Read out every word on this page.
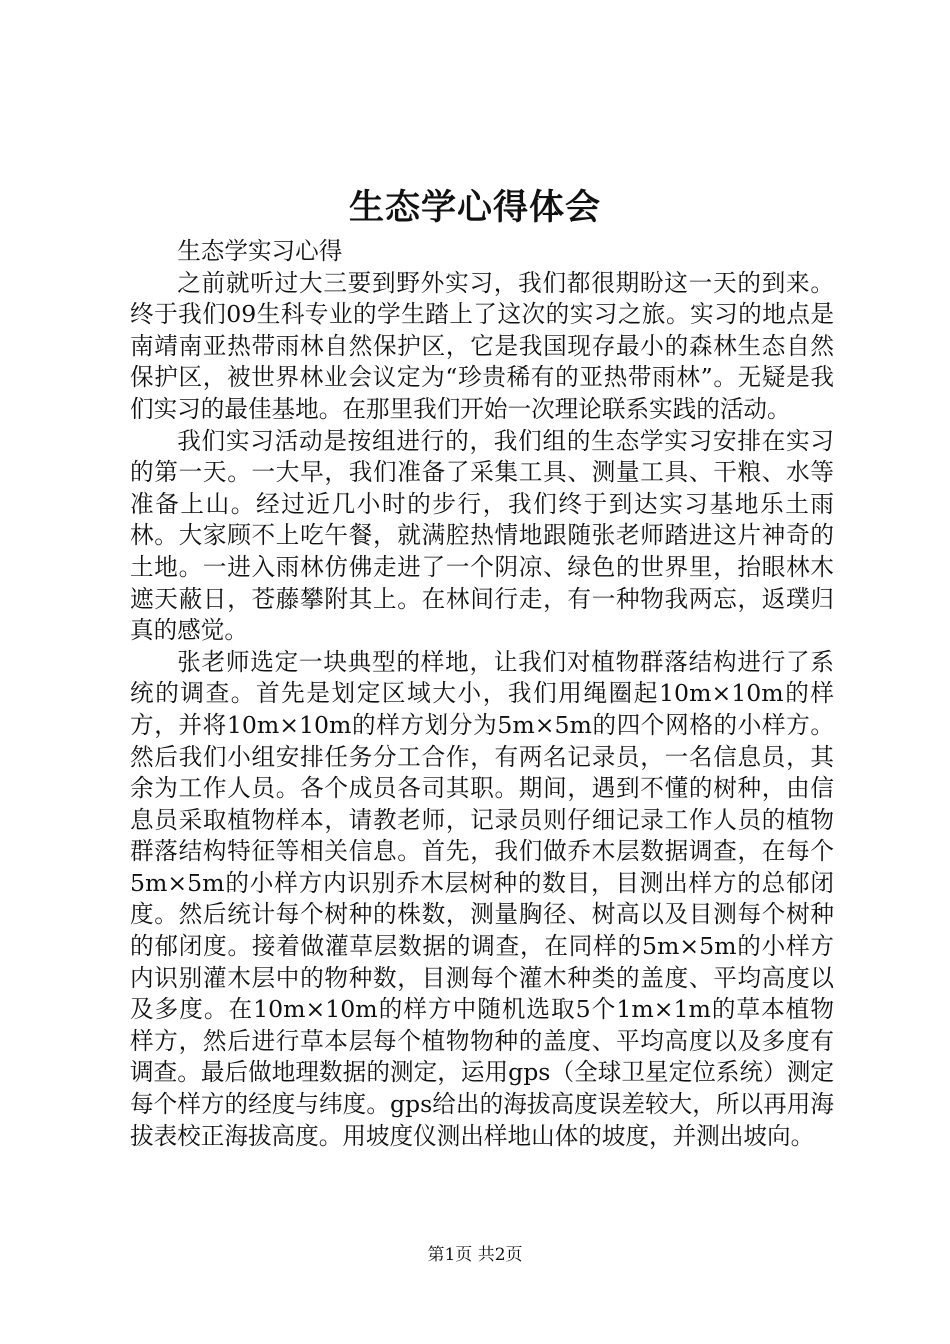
生态学心得体会

生态学实习心得

之前就听过大三要到野外实习，我们都很期盼这一天的到来。终于我们09生科专业的学生踏上了这次的实习之旅。实习的地点是南靖南亚热带雨林自然保护区，它是我国现存最小的森林生态自然保护区，被世界林业会议定为“珍贵稀有的亚热带雨林”。无疑是我们实习的最佳基地。在那里我们开始一次理论联系实践的活动。

我们实习活动是按组进行的，我们组的生态学实习安排在实习的第一天。一大早，我们准备了采集工具、测量工具、干粮、水等准备上山。经过近几小时的步行，我们终于到达实习基地乐土雨林。大家顾不上吃午餐，就满腔热情地跟随张老师踏进这片神奇的土地。一进入雨林仿佛走进了一个阴凉、绿色的世界里，抬眼林木遮天蔽日，苍藤攀附其上。在林间行走，有一种物我两忘，返璞归真的感觉。

张老师选定一块典型的样地，让我们对植物群落结构进行了系统的调查。首先是划定区域大小，我们用绳圈起10m×10m的样方，并将10m×10m的样方划分为5m×5m的四个网格的小样方。然后我们小组安排任务分工合作，有两名记录员，一名信息员，其余为工作人员。各个成员各司其职。期间，遇到不懂的树种，由信息员采取植物样本，请教老师，记录员则仔细记录工作人员的植物群落结构特征等相关信息。首先，我们做乔木层数据调查，在每个5m×5m的小样方内识别乔木层树种的数目，目测出样方的总郁闭度。然后统计每个树种的株数，测量胸径、树高以及目测每个树种的郁闭度。接着做灌草层数据的调查，在同样的5m×5m的小样方内识别灌木层中的物种数，目测每个灌木种类的盖度、平均高度以及多度。在10m×10m的样方中随机选取5个1m×1m的草本植物样方，然后进行草本层每个植物物种的盖度、平均高度以及多度有调查。最后做地理数据的测定，运用gps（全球卫星定位系统）测定每个样方的经度与纬度。gps给出的海拔高度误差较大，所以再用海拔表校正海拔高度。用坡度仪测出样地山体的坡度，并测出坡向。

第1页 共2页
